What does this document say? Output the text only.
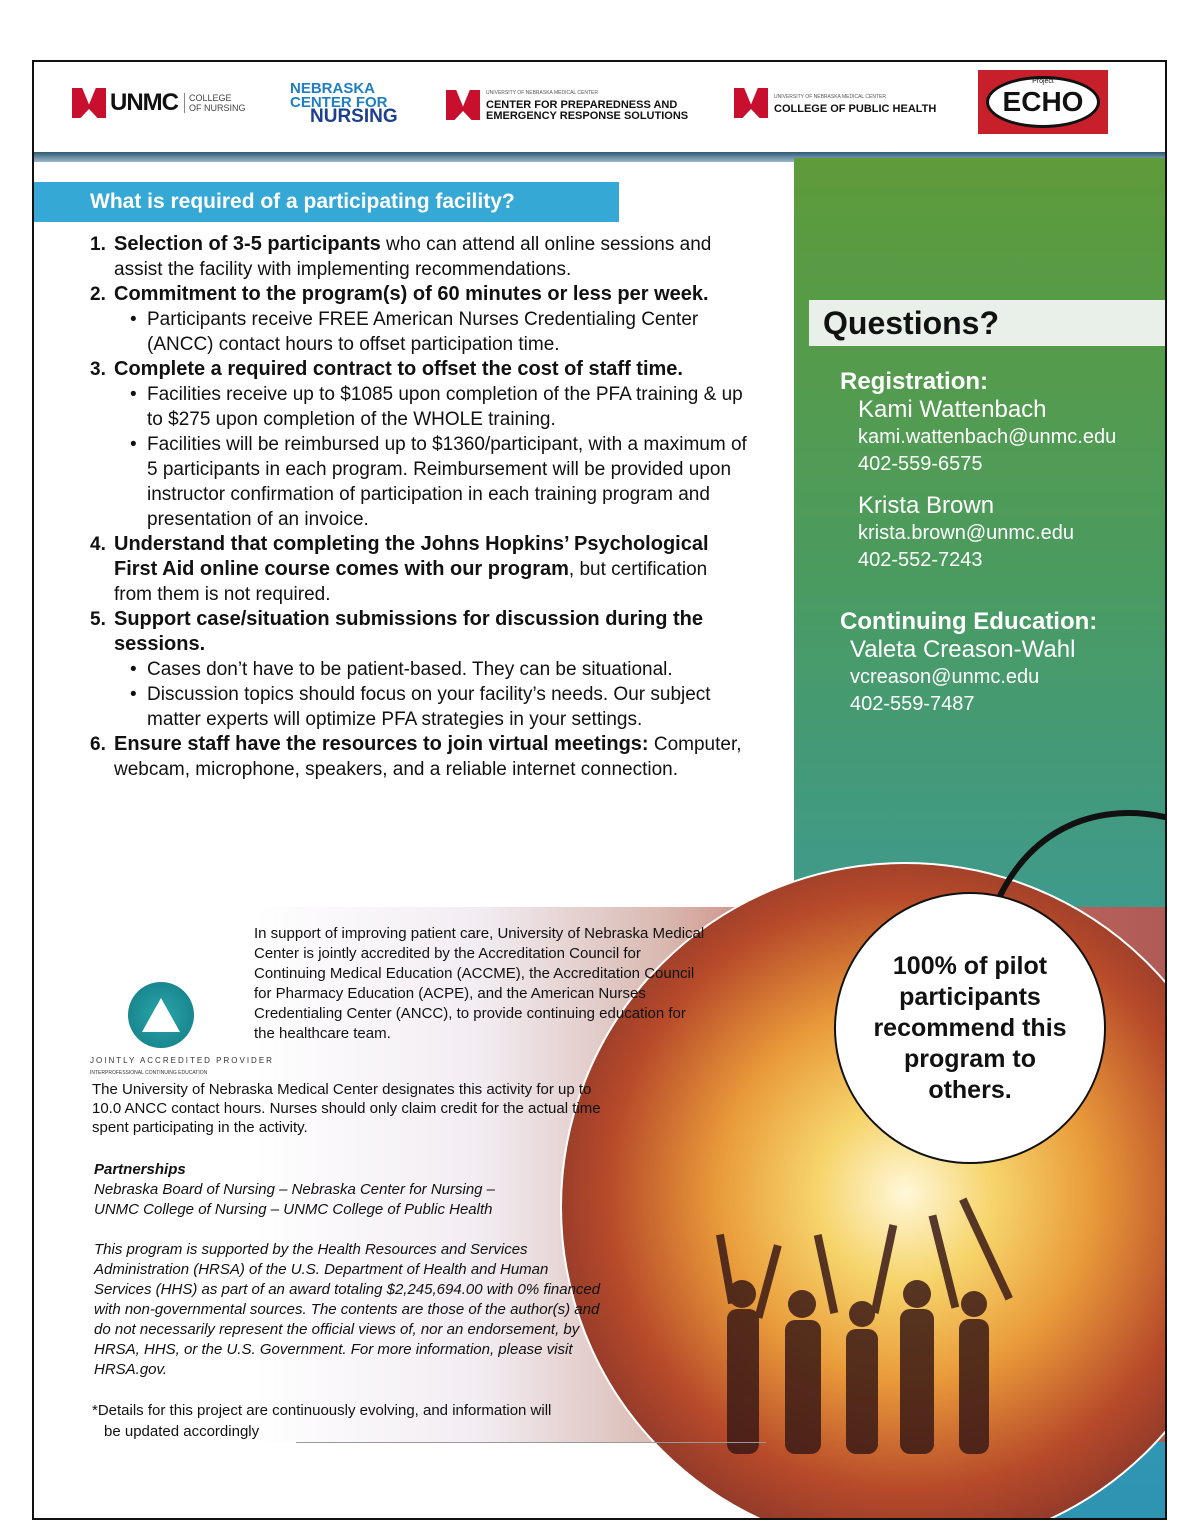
UNMC	COLLEGE
OF NURSING
NEBRASKA
CENTER FOR
NURSING
UNIVERSITY OF NEBRASKA MEDICAL CENTER
CENTER FOR PREPAREDNESS AND
EMERGENCY RESPONSE SOLUTIONS
UNIVERSITY OF NEBRASKA MEDICAL CENTER
COLLEGE OF PUBLIC HEALTH
Project
ECHO
Questions?
Registration:
Kami Wattenbach
kami.wattenbach@unmc.edu
402-559-6575
Krista Brown
krista.brown@unmc.edu
402-552-7243
Continuing Education:
Valeta Creason-Wahl
vcreason@unmc.edu
402-559-7487
100% of pilot participants recommend this program to others.
What is required of a participating facility?
1. Selection of 3-5 participants who can attend all online sessions and assist the facility with implementing recommendations.
2. Commitment to the program(s) of 60 minutes or less per week.
• Participants receive FREE American Nurses Credentialing Center (ANCC) contact hours to offset participation time.
3. Complete a required contract to offset the cost of staff time.
• Facilities receive up to $1085 upon completion of the PFA training & up to $275 upon completion of the WHOLE training.
• Facilities will be reimbursed up to $1360/participant, with a maximum of 5 participants in each program. Reimbursement will be provided upon instructor confirmation of participation in each training program and presentation of an invoice.
4. Understand that completing the Johns Hopkins’ Psychological First Aid online course comes with our program, but certification from them is not required.
5. Support case/situation submissions for discussion during the sessions.
• Cases don’t have to be patient-based. They can be situational.
• Discussion topics should focus on your facility’s needs. Our subject matter experts will optimize PFA strategies in your settings.
6. Ensure staff have the resources to join virtual meetings: Computer, webcam, microphone, speakers, and a reliable internet connection.
JOINTLY ACCREDITED PROVIDER
INTERPROFESSIONAL CONTINUING EDUCATION
In support of improving patient care, University of Nebraska Medical Center is jointly accredited by the Accreditation Council for Continuing Medical Education (ACCME), the Accreditation Council for Pharmacy Education (ACPE), and the American Nurses Credentialing Center (ANCC), to provide continuing education for the healthcare team.
The University of Nebraska Medical Center designates this activity for up to 10.0 ANCC contact hours. Nurses should only claim credit for the actual time spent participating in the activity.
Partnerships
Nebraska Board of Nursing – Nebraska Center for Nursing –
UNMC College of Nursing – UNMC College of Public Health
This program is supported by the Health Resources and Services Administration (HRSA) of the U.S. Department of Health and Human Services (HHS) as part of an award totaling $2,245,694.00 with 0% financed with non-governmental sources. The contents are those of the author(s) and do not necessarily represent the official views of, nor an endorsement, by HRSA, HHS, or the U.S. Government. For more information, please visit HRSA.gov.
*Details for this project are continuously evolving, and information will
be updated accordingly
